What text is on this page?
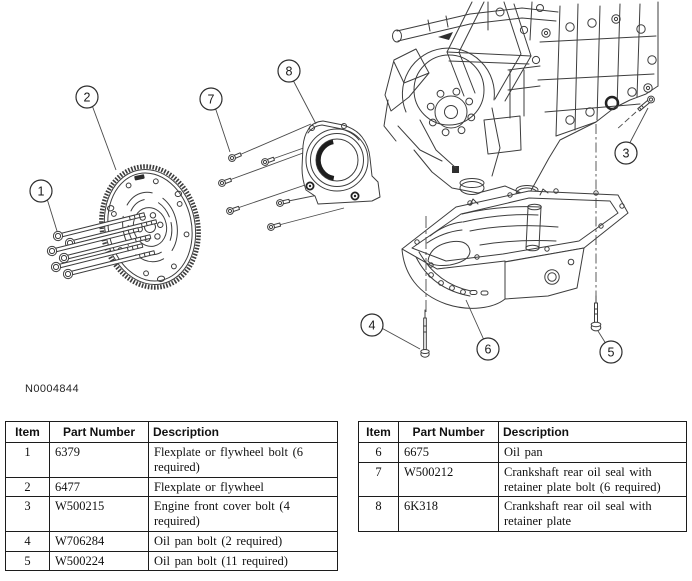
1
2
3
4
5
6
7
8
N0004844
Item	Part Number	Description
1	6379	Flexplate or flywheel bolt (6 required)
2	6477	Flexplate or flywheel
3	W500215	Engine front cover bolt (4 required)
4	W706284	Oil pan bolt (2 required)
5	W500224	Oil pan bolt (11 required)
Item	Part Number	Description
6	6675	Oil pan
7	W500212	Crankshaft rear oil seal with retainer plate bolt (6 required)
8	6K318	Crankshaft rear oil seal with retainer plate
